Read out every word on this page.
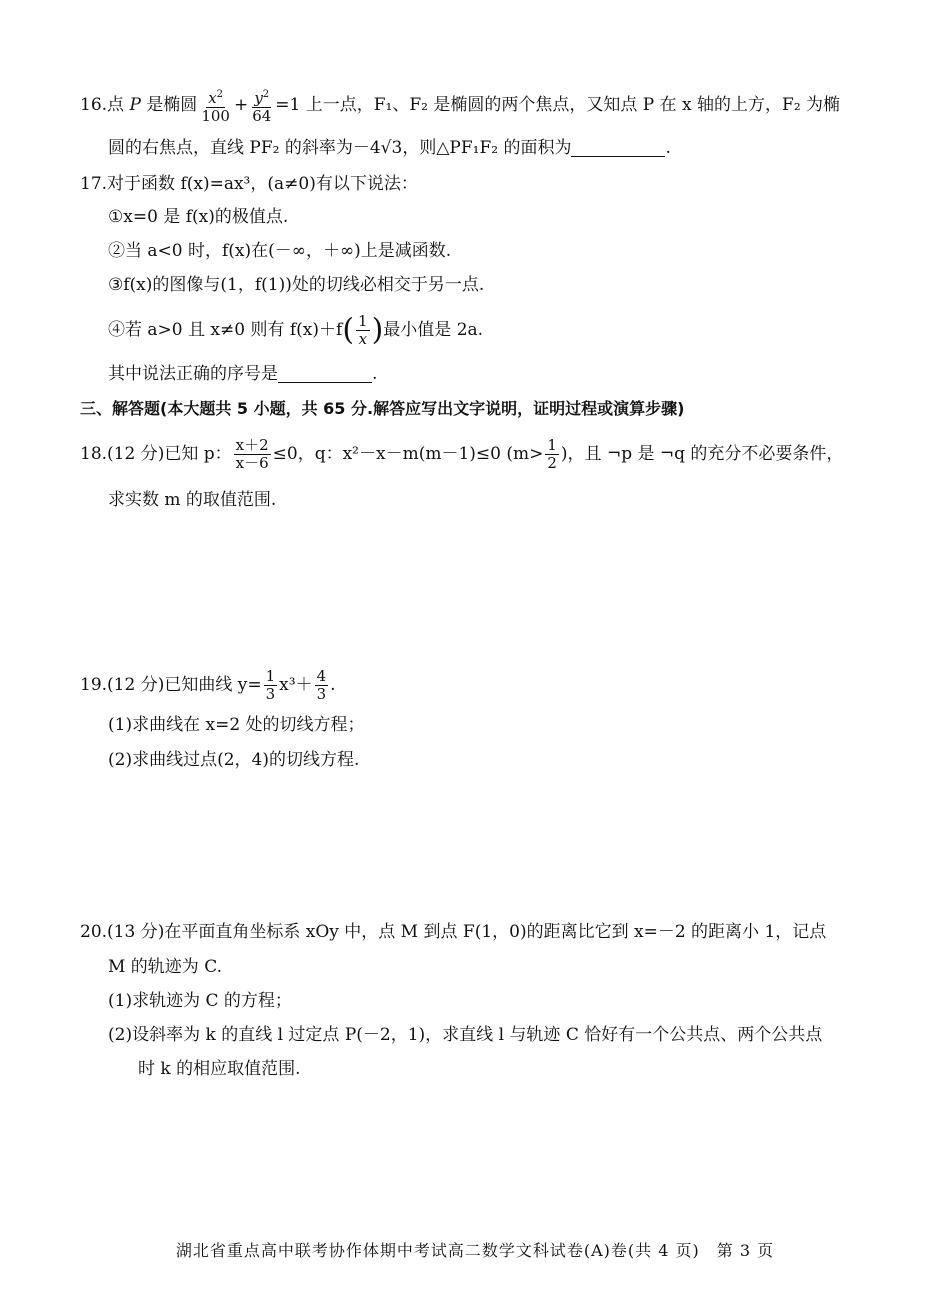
16.点 P 是椭圆 $\frac{x^2}{100} + \frac{y^2}{64} =1$ 上一点，F₁、F₂ 是椭圆的两个焦点，又知点 P 在 x 轴的上方，F₂ 为椭
圆的右焦点，直线 PF₂ 的斜率为－4√3，则△PF₁F₂ 的面积为	.
17.对于函数 f(x)=ax³，(a≠0)有以下说法：
①x=0 是 f(x)的极值点.
②当 a<0 时，f(x)在(－∞，＋∞)上是减函数.
③f(x)的图像与(1，f(1))处的切线必相交于另一点.
④若 a>0 且 x≠0 则有 $f(x)+f( \frac{1}{x}$ )最小值是 2a.
其中说法正确的序号是	.
三、解答题(本大题共 5 小题，共 65 分.解答应写出文字说明，证明过程或演算步骤)
18.(12 分)已知 p： $\frac{x+2}{x-6} \le 0$，q：x²－x－m(m－1)≤0 ($m> \frac{1}{2}$ )，且 ¬p 是 ¬q 的充分不必要条件，
求实数 m 的取值范围.
19.(12 分)已知曲线 $y= \frac{1}{3} x^3+ \frac{4}{3}$ .
(1)求曲线在 x=2 处的切线方程；
(2)求曲线过点(2，4)的切线方程.
20.(13 分)在平面直角坐标系 xOy 中，点 M 到点 F(1，0)的距离比它到 x=－2 的距离小 1，记点
M 的轨迹为 C.
(1)求轨迹为 C 的方程；
(2)设斜率为 k 的直线 l 过定点 P(－2，1)，求直线 l 与轨迹 C 恰好有一个公共点、两个公共点
时 k 的相应取值范围.
湖北省重点高中联考协作体期中考试高二数学文科试卷(A)卷(共 4 页)　第 3 页
